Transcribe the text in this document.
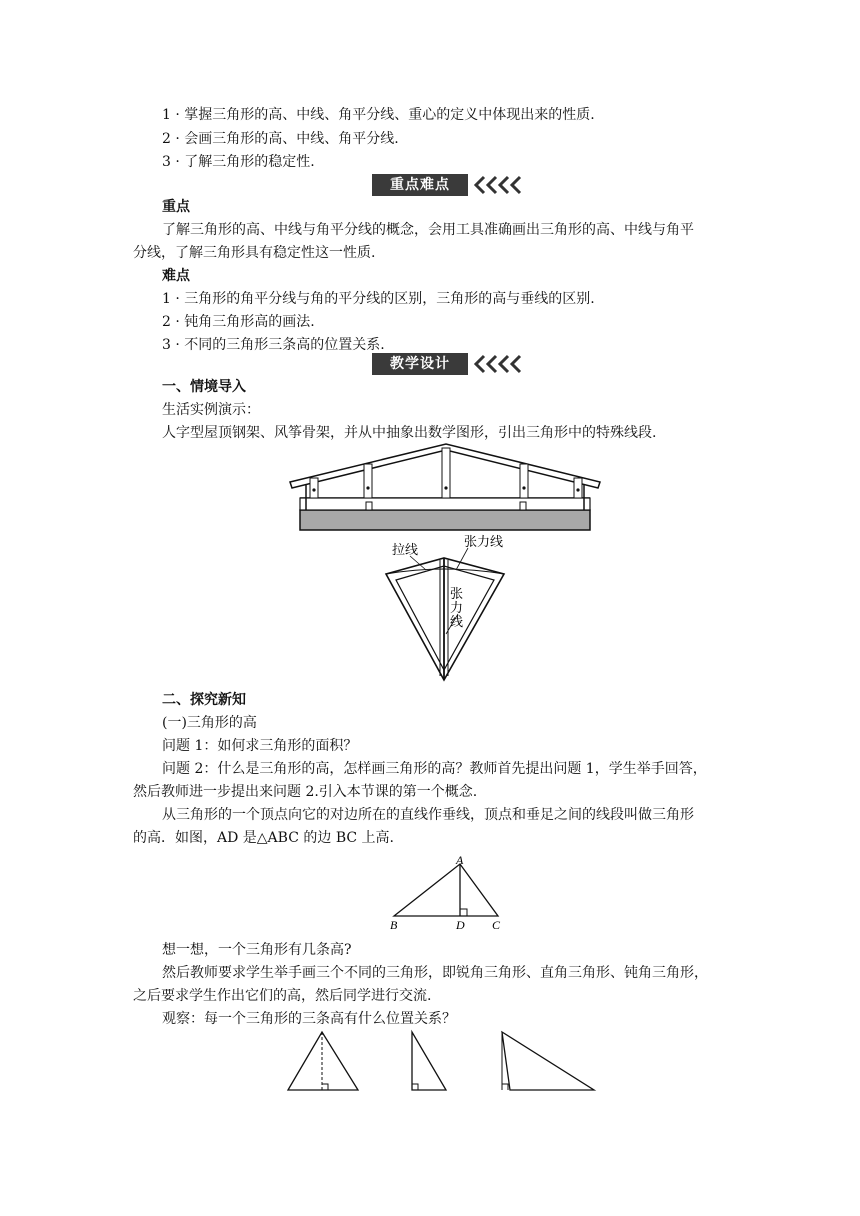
1 · 掌握三角形的高、中线、角平分线、重心的定义中体现出来的性质.
2 · 会画三角形的高、中线、角平分线.
3 · 了解三角形的稳定性.
重点难点
重点
了解三角形的高、中线与角平分线的概念，会用工具准确画出三角形的高、中线与角平
分线，了解三角形具有稳定性这一性质.
难点
1 · 三角形的角平分线与角的平分线的区别，三角形的高与垂线的区别.
2 · 钝角三角形高的画法.
3 · 不同的三角形三条高的位置关系.
教学设计
一、情境导入
生活实例演示：
人字型屋顶钢架、风筝骨架，并从中抽象出数学图形，引出三角形中的特殊线段.
拉线
张力线
张
力
线
二、探究新知
(一)三角形的高
问题 1：如何求三角形的面积？
问题 2：什么是三角形的高，怎样画三角形的高？教师首先提出问题 1，学生举手回答，
然后教师进一步提出来问题 2.引入本节课的第一个概念.
从三角形的一个顶点向它的对边所在的直线作垂线，顶点和垂足之间的线段叫做三角形
的高．如图，AD 是△ABC 的边 BC 上高.
A
B	D C
想一想，一个三角形有几条高?
然后教师要求学生举手画三个不同的三角形，即锐角三角形、直角三角形、钝角三角形，
之后要求学生作出它们的高，然后同学进行交流.
观察：每一个三角形的三条高有什么位置关系？
